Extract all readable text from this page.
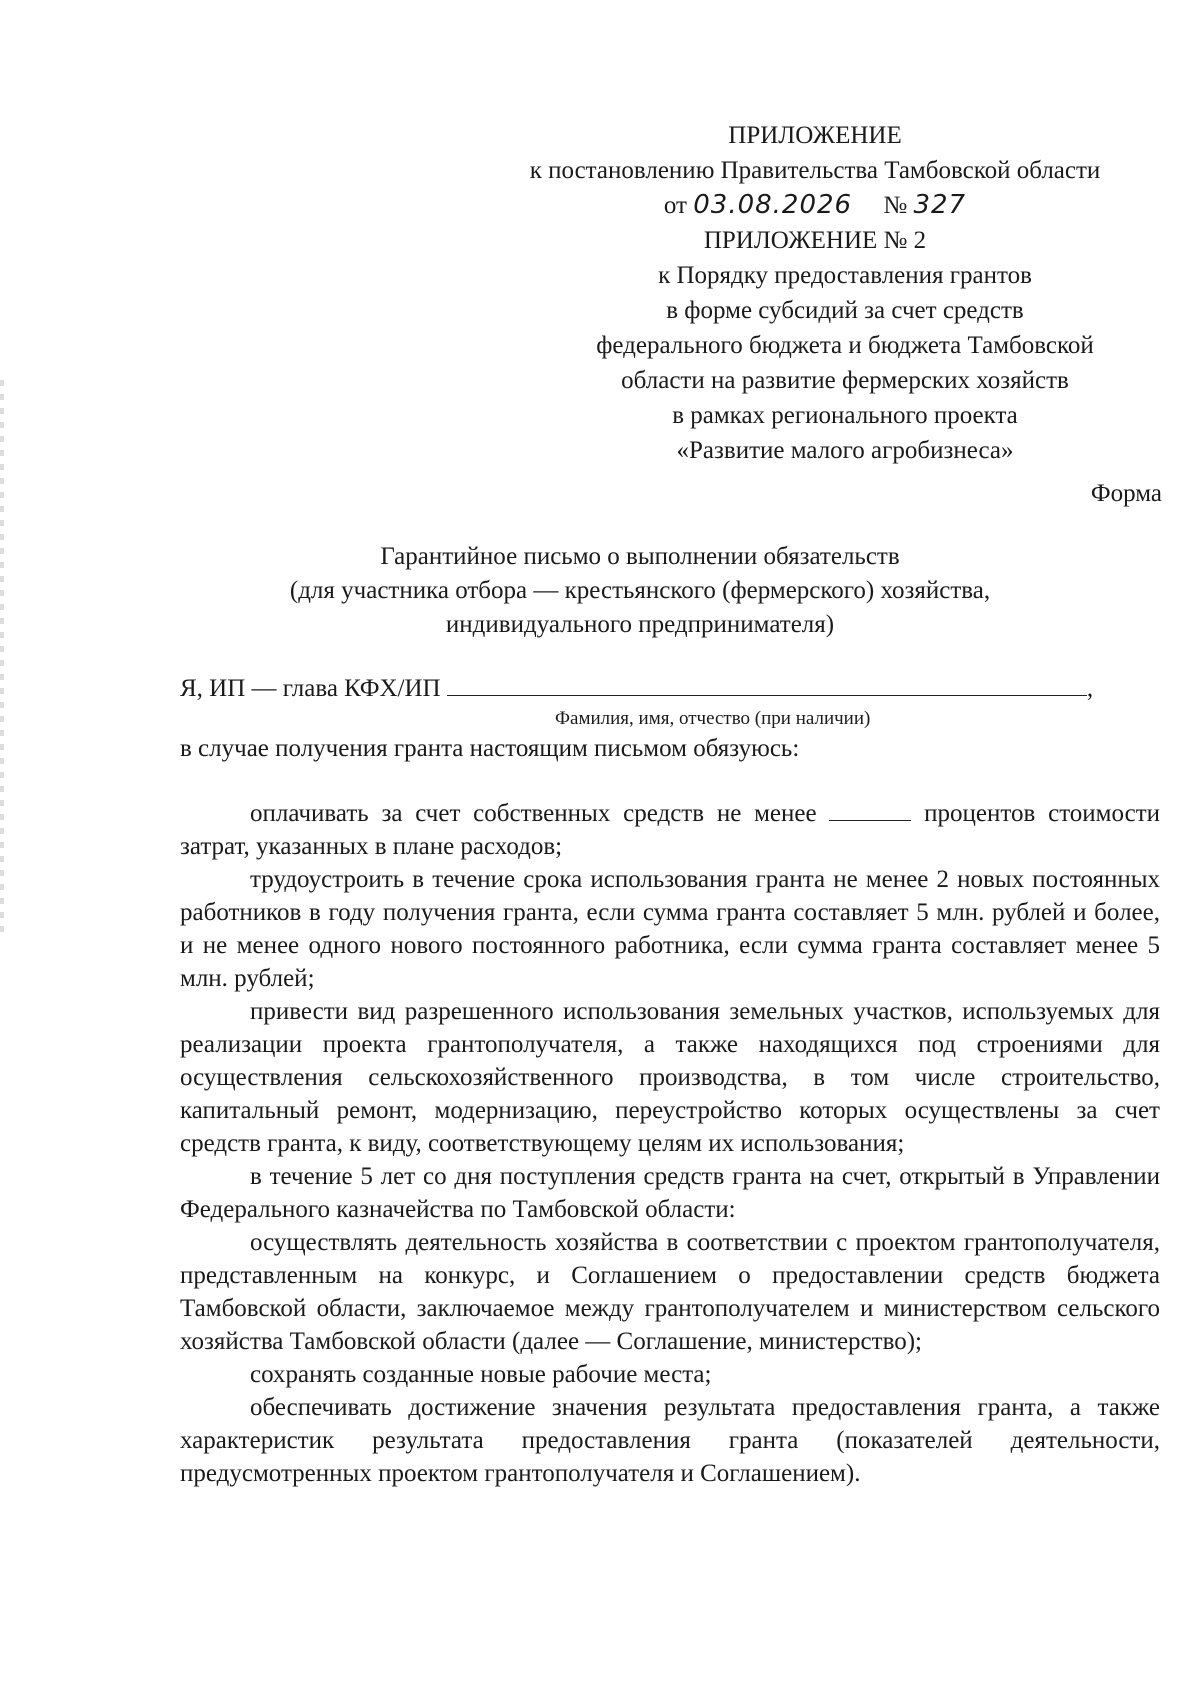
ПРИЛОЖЕНИЕ
к постановлению Правительства Тамбовской области
от 03.08.2026 № 327
ПРИЛОЖЕНИЕ № 2
к Порядку предоставления грантов
в форме субсидий за счет средств
федерального бюджета и бюджета Тамбовской
области на развитие фермерских хозяйств
в рамках регионального проекта
«Развитие малого агробизнеса»
Форма
Гарантийное письмо о выполнении обязательств
(для участника отбора — крестьянского (фермерского) хозяйства,
индивидуального предпринимателя)
Я, ИП — глава КФХ/ИП	,
Фамилия, имя, отчество (при наличии)
в случае получения гранта настоящим письмом обязуюсь:

оплачивать за счет собственных средств не менее	процентов стоимости затрат, указанных в плане расходов;

трудоустроить в течение срока использования гранта не менее 2 новых постоянных работников в году получения гранта, если сумма гранта составляет 5 млн. рублей и более, и не менее одного нового постоянного работника, если сумма гранта составляет менее 5 млн. рублей;

привести вид разрешенного использования земельных участков, используемых для реализации проекта грантополучателя, а также находящихся под строениями для осуществления сельскохозяйственного производства, в том числе строительство, капитальный ремонт, модернизацию, переустройство которых осуществлены за счет средств гранта, к виду, соответствующему целям их использования;

в течение 5 лет со дня поступления средств гранта на счет, открытый в Управлении Федерального казначейства по Тамбовской области:

осуществлять деятельность хозяйства в соответствии с проектом грантополучателя, представленным на конкурс, и Соглашением о предоставлении средств бюджета Тамбовской области, заключаемое между грантополучателем и министерством сельского хозяйства Тамбовской области (далее — Соглашение, министерство);

сохранять созданные новые рабочие места;

обеспечивать достижение значения результата предоставления гранта, а также характеристик результата предоставления гранта (показателей деятельности, предусмотренных проектом грантополучателя и Соглашением).
